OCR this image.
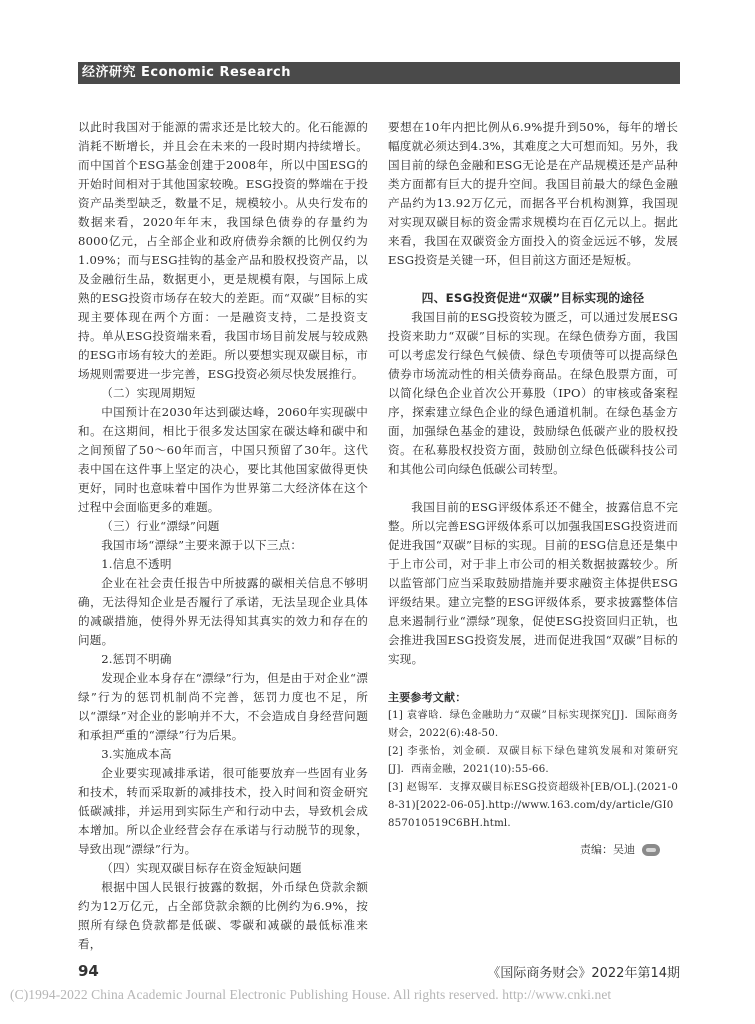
经济研究 Economic Research

以此时我国对于能源的需求还是比较大的。化石能源的消耗不断增长，并且会在未来的一段时期内持续增长。而中国首个ESG基金创建于2008年，所以中国ESG的开始时间相对于其他国家较晚。ESG投资的弊端在于投资产品类型缺乏，数量不足，规模较小。从央行发布的数据来看，2020年年末，我国绿色债券的存量约为8000亿元，占全部企业和政府债券余额的比例仅约为1.09%；而与ESG挂钩的基金产品和股权投资产品，以及金融衍生品，数据更小，更是规模有限，与国际上成熟的ESG投资市场存在较大的差距。而“双碳”目标的实现主要体现在两个方面：一是融资支持，二是投资支持。单从ESG投资端来看，我国市场目前发展与较成熟的ESG市场有较大的差距。所以要想实现双碳目标，市场规则需要进一步完善，ESG投资必须尽快发展推行。

（二）实现周期短

中国预计在2030年达到碳达峰，2060年实现碳中和。在这期间，相比于很多发达国家在碳达峰和碳中和之间预留了50～60年而言，中国只预留了30年。这代表中国在这件事上坚定的决心，要比其他国家做得更快更好，同时也意味着中国作为世界第二大经济体在这个过程中会面临更多的难题。

（三）行业“漂绿”问题

我国市场“漂绿”主要来源于以下三点：

1.信息不透明

企业在社会责任报告中所披露的碳相关信息不够明确，无法得知企业是否履行了承诺，无法呈现企业具体的减碳措施，使得外界无法得知其真实的效力和存在的问题。

2.惩罚不明确

发现企业本身存在“漂绿”行为，但是由于对企业“漂绿”行为的惩罚机制尚不完善，惩罚力度也不足，所以“漂绿”对企业的影响并不大，不会造成自身经营问题和承担严重的“漂绿”行为后果。

3.实施成本高

企业要实现减排承诺，很可能要放弃一些固有业务和技术，转而采取新的减排技术，投入时间和资金研究低碳减排，并运用到实际生产和行动中去，导致机会成本增加。所以企业经营会存在承诺与行动脱节的现象，导致出现“漂绿”行为。

（四）实现双碳目标存在资金短缺问题

根据中国人民银行披露的数据，外币绿色贷款余额约为12万亿元，占全部贷款余额的比例约为6.9%，按照所有绿色贷款都是低碳、零碳和减碳的最低标准来看，

要想在10年内把比例从6.9%提升到50%，每年的增长幅度就必须达到4.3%，其难度之大可想而知。另外，我国目前的绿色金融和ESG无论是在产品规模还是产品种类方面都有巨大的提升空间。我国目前最大的绿色金融产品约为13.92万亿元，而据各平台机构测算，我国现对实现双碳目标的资金需求规模均在百亿元以上。据此来看，我国在双碳资金方面投入的资金远远不够，发展ESG投资是关键一环，但目前这方面还是短板。

四、ESG投资促进“双碳”目标实现的途径

我国目前的ESG投资较为匮乏，可以通过发展ESG投资来助力“双碳”目标的实现。在绿色债券方面，我国可以考虑发行绿色气候债、绿色专项债等可以提高绿色债券市场流动性的相关债券商品。在绿色股票方面，可以简化绿色企业首次公开募股（IPO）的审核或备案程序，探索建立绿色企业的绿色通道机制。在绿色基金方面，加强绿色基金的建设，鼓励绿色低碳产业的股权投资。在私募股权投资方面，鼓励创立绿色低碳科技公司和其他公司向绿色低碳公司转型。

我国目前的ESG评级体系还不健全，披露信息不完整。所以完善ESG评级体系可以加强我国ESG投资进而促进我国“双碳”目标的实现。目前的ESG信息还是集中于上市公司，对于非上市公司的相关数据披露较少。所以监管部门应当采取鼓励措施并要求融资主体提供ESG评级结果。建立完整的ESG评级体系，要求披露整体信息来遏制行业“漂绿”现象，促使ESG投资回归正轨，也会推进我国ESG投资发展，进而促进我国“双碳”目标的实现。

主要参考文献：

[1] 袁睿晗．绿色金融助力“双碳”目标实现探究[J]．国际商务财会，2022(6):48-50.

[2] 李张怡，刘金硕．双碳目标下绿色建筑发展和对策研究[J]．西南金融，2021(10):55-66.

[3] 赵锡军．支撑双碳目标ESG投资超级补[EB/OL].(2021-08-31)[2022-06-05].http://www.163.com/dy/article/GI0857010519C6BH.html.

责编：吴迪
94	《国际商务财会》2022年第14期
(C)1994-2022 China Academic Journal Electronic Publishing House. All rights reserved. http://www.cnki.net
